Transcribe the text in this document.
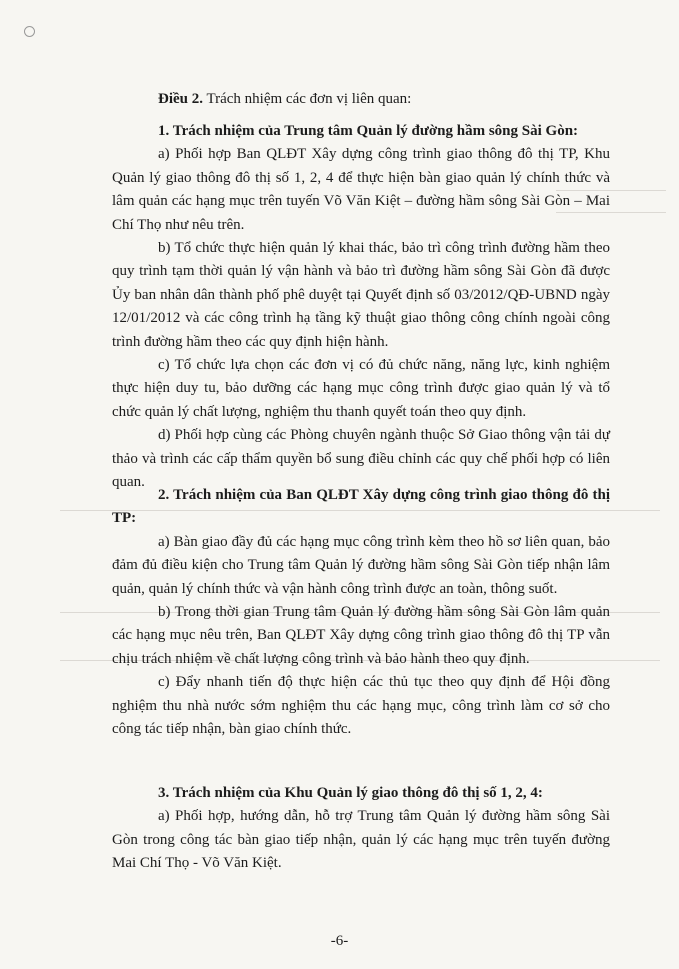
Điều 2. Trách nhiệm các đơn vị liên quan:

1. Trách nhiệm của Trung tâm Quản lý đường hầm sông Sài Gòn:

a) Phối hợp Ban QLĐT Xây dựng công trình giao thông đô thị TP, Khu Quản lý giao thông đô thị số 1, 2, 4 để thực hiện bàn giao quản lý chính thức và lâm quản các hạng mục trên tuyến Võ Văn Kiệt – đường hầm sông Sài Gòn – Mai Chí Thọ như nêu trên.

b) Tổ chức thực hiện quản lý khai thác, bảo trì công trình đường hầm theo quy trình tạm thời quản lý vận hành và bảo trì đường hầm sông Sài Gòn đã được Ủy ban nhân dân thành phố phê duyệt tại Quyết định số 03/2012/QĐ-UBND ngày 12/01/2012 và các công trình hạ tầng kỹ thuật giao thông công chính ngoài công trình đường hầm theo các quy định hiện hành.

c) Tổ chức lựa chọn các đơn vị có đủ chức năng, năng lực, kinh nghiệm thực hiện duy tu, bảo dưỡng các hạng mục công trình được giao quản lý và tổ chức quản lý chất lượng, nghiệm thu thanh quyết toán theo quy định.

d) Phối hợp cùng các Phòng chuyên ngành thuộc Sở Giao thông vận tải dự thảo và trình các cấp thẩm quyền bổ sung điều chỉnh các quy chế phối hợp có liên quan.

2. Trách nhiệm của Ban QLĐT Xây dựng công trình giao thông đô thị TP:

a) Bàn giao đầy đủ các hạng mục công trình kèm theo hồ sơ liên quan, bảo đảm đủ điều kiện cho Trung tâm Quản lý đường hầm sông Sài Gòn tiếp nhận lâm quản, quản lý chính thức và vận hành công trình được an toàn, thông suốt.

b) Trong thời gian Trung tâm Quản lý đường hầm sông Sài Gòn lâm quản các hạng mục nêu trên, Ban QLĐT Xây dựng công trình giao thông đô thị TP vẫn chịu trách nhiệm về chất lượng công trình và bảo hành theo quy định.

c) Đẩy nhanh tiến độ thực hiện các thủ tục theo quy định để Hội đồng nghiệm thu nhà nước sớm nghiệm thu các hạng mục, công trình làm cơ sở cho công tác tiếp nhận, bàn giao chính thức.

3. Trách nhiệm của Khu Quản lý giao thông đô thị số 1, 2, 4:

a) Phối hợp, hướng dẫn, hỗ trợ Trung tâm Quản lý đường hầm sông Sài Gòn trong công tác bàn giao tiếp nhận, quản lý các hạng mục trên tuyến đường Mai Chí Thọ - Võ Văn Kiệt.

-6-
